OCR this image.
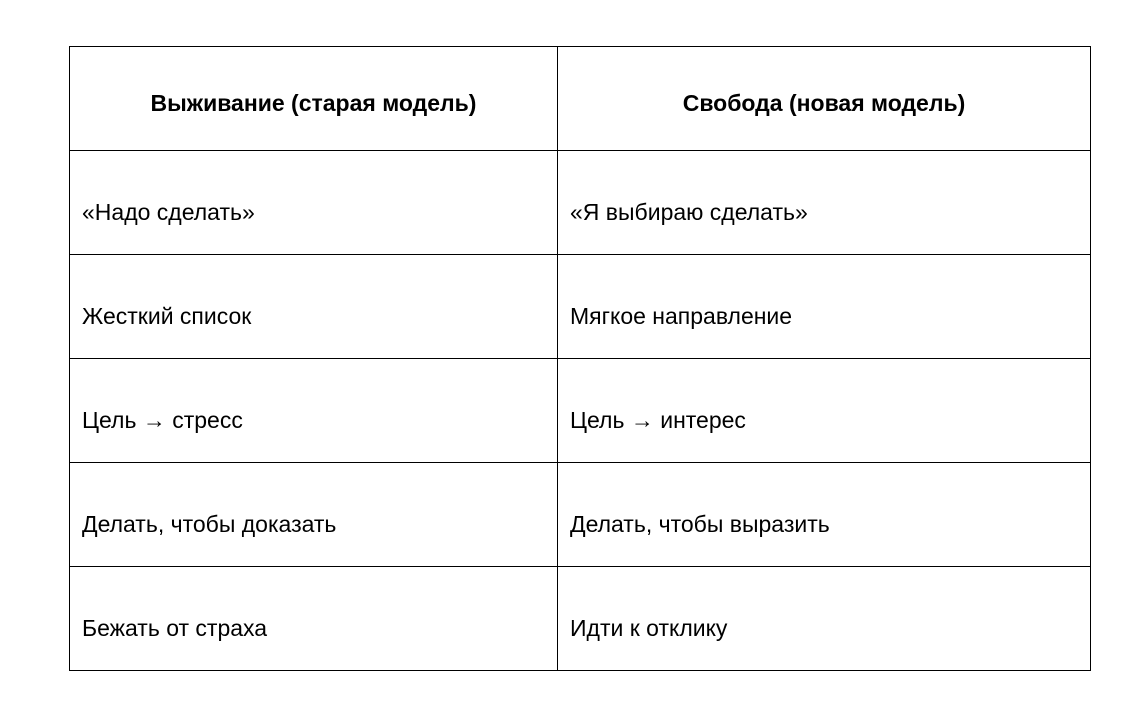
Выживание (старая модель)	Свобода (новая модель)
«Надо сделать»	«Я выбираю сделать»
Жесткий список	Мягкое направление
Цель → стресс	Цель → интерес
Делать, чтобы доказать	Делать, чтобы выразить
Бежать от страха	Идти к отклику
